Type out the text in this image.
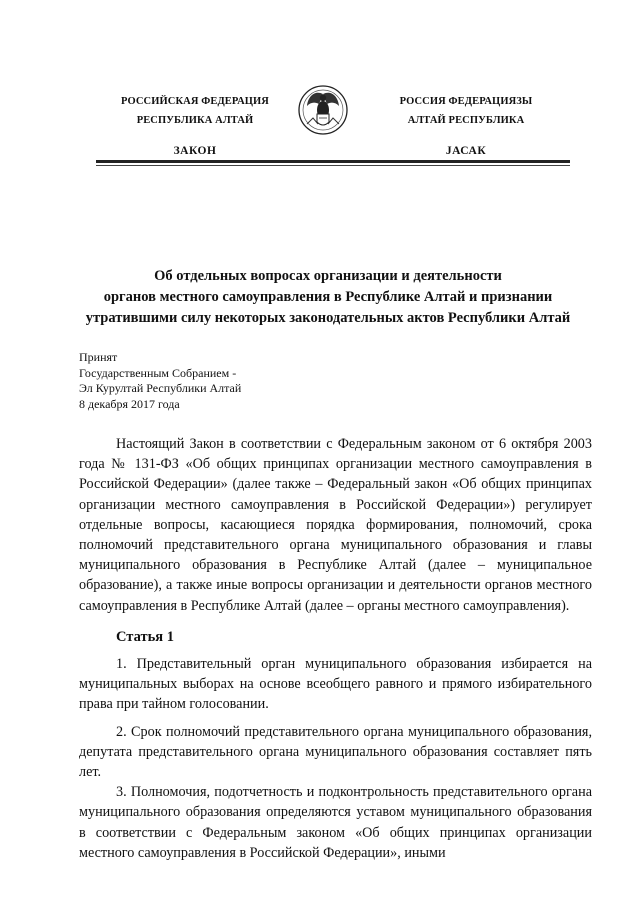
РОССИЙСКАЯ ФЕДЕРАЦИЯ
РЕСПУБЛИКА АЛТАЙ
ЗАКОН
РОССИЯ ФЕДЕРАЦИЯЗЫ
АЛТАЙ РЕСПУБЛИКА
JАСАК
Об отдельных вопросах организации и деятельности
органов местного самоуправления в Республике Алтай и признании
утратившими силу некоторых законодательных актов Республики Алтай
Принят
Государственным Собранием -
Эл Курултай Республики Алтай
8 декабря 2017 года

Настоящий Закон в соответствии с Федеральным законом от 6 октября 2003 года № 131-ФЗ «Об общих принципах организации местного самоуправления в Российской Федерации» (далее также – Федеральный закон «Об общих принципах организации местного самоуправления в Российской Федерации») регулирует отдельные вопросы, касающиеся порядка формирования, полномочий, срока полномочий представительного органа муниципального образования и главы муниципального образования в Республике Алтай (далее – муниципальное образование), а также иные вопросы организации и деятельности органов местного самоуправления в Республике Алтай (далее – органы местного самоуправления).

Статья 1

1. Представительный орган муниципального образования избирается на муниципальных выборах на основе всеобщего равного и прямого избирательного права при тайном голосовании.

2. Срок полномочий представительного органа муниципального образования, депутата представительного органа муниципального образования составляет пять лет.

3. Полномочия, подотчетность и подконтрольность представительного органа муниципального образования определяются уставом муниципального образования в соответствии с Федеральным законом «Об общих принципах организации местного самоуправления в Российской Федерации», иными
